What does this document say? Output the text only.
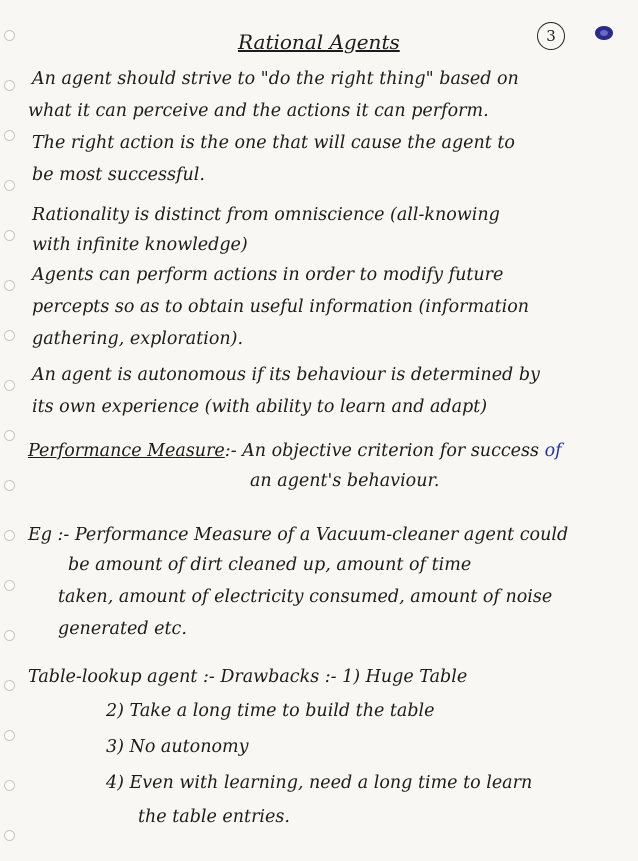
Rational Agents	3
An agent should strive to "do the right thing" based on
what it can perceive and the actions it can perform.
The right action is the one that will cause the agent to
be most successful.
Rationality is distinct from omniscience (all-knowing
with infinite knowledge)
Agents can perform actions in order to modify future
percepts so as to obtain useful information (information
gathering, exploration).
An agent is autonomous if its behaviour is determined by
its own experience (with ability to learn and adapt)
Performance Measure:- An objective criterion for success of
an agent's behaviour.
Eg :- Performance Measure of a Vacuum-cleaner agent could
be amount of dirt cleaned up, amount of time
taken, amount of electricity consumed, amount of noise
generated etc.
Table-lookup agent :- Drawbacks :- 1) Huge Table
2) Take a long time to build the table
3) No autonomy
4) Even with learning, need a long time to learn
the table entries.
